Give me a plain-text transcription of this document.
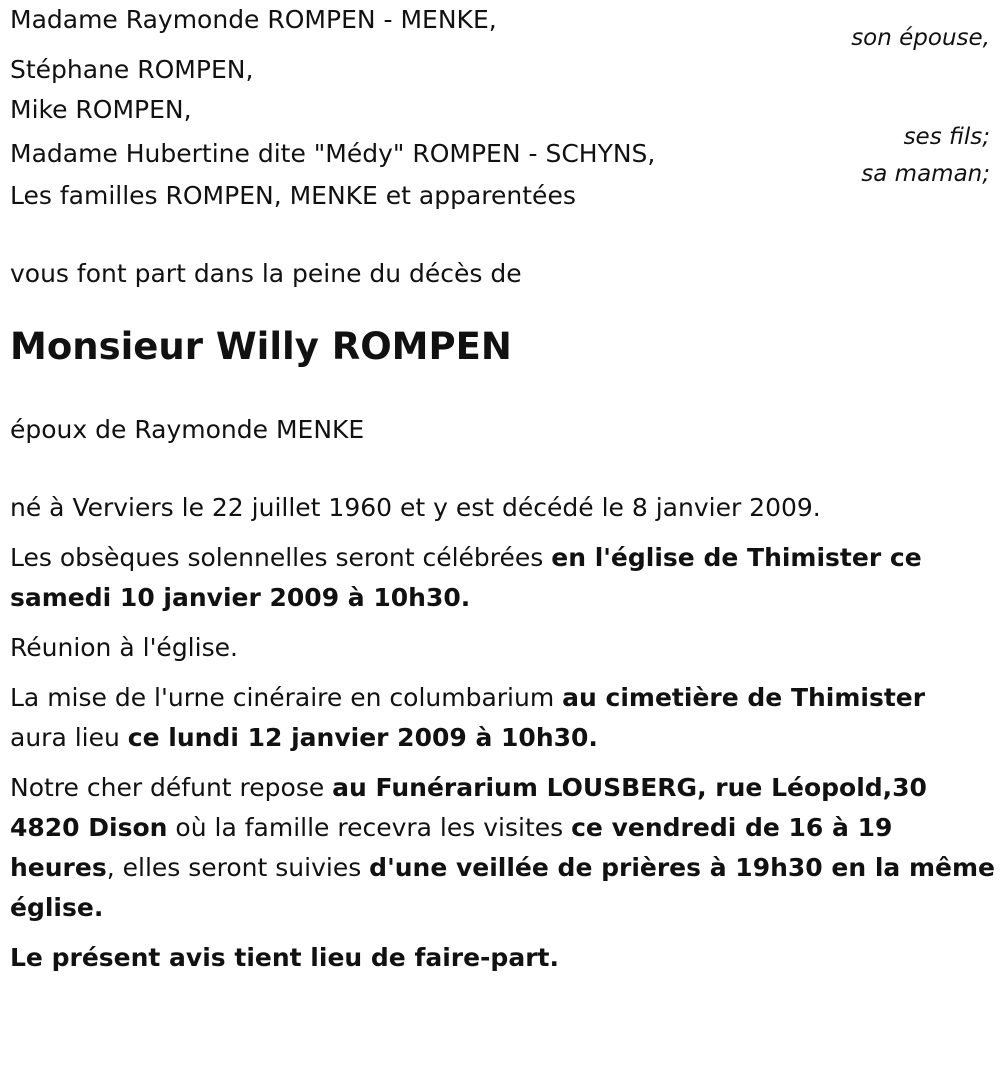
Madame Raymonde ROMPEN - MENKE,
son épouse,
Stéphane ROMPEN,
Mike ROMPEN,
ses fils;
Madame Hubertine dite "Médy" ROMPEN - SCHYNS,
sa maman;
Les familles ROMPEN, MENKE et apparentées
vous font part dans la peine du décès de
Monsieur Willy ROMPEN
époux de Raymonde MENKE
né à Verviers le 22 juillet 1960 et y est décédé le 8 janvier 2009.
Les obsèques solennelles seront célébrées en l'église de Thimister ce
samedi 10 janvier 2009 à 10h30.
Réunion à l'église.
La mise de l'urne cinéraire en columbarium au cimetière de Thimister
aura lieu ce lundi 12 janvier 2009 à 10h30.
Notre cher défunt repose au Funérarium LOUSBERG, rue Léopold,30
4820 Dison où la famille recevra les visites ce vendredi de 16 à 19
heures, elles seront suivies d'une veillée de prières à 19h30 en la même
église.
Le présent avis tient lieu de faire-part.
